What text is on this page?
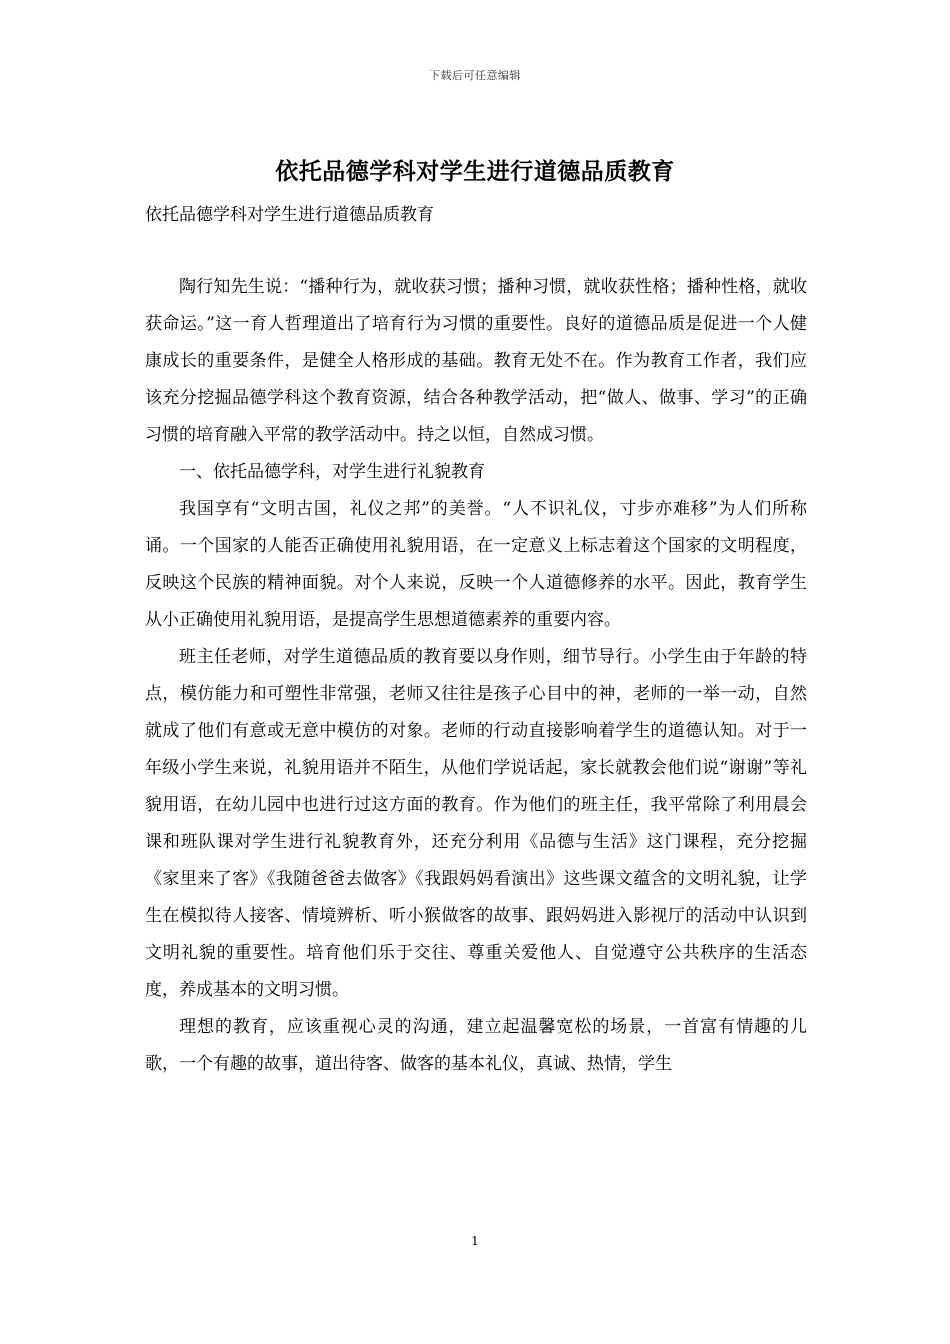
下载后可任意编辑
依托品德学科对学生进行道德品质教育
依托品德学科对学生进行道德品质教育

陶行知先生说：“播种行为，就收获习惯；播种习惯，就收获性格；播种性格，就收获命运。”这一育人哲理道出了培育行为习惯的重要性。良好的道德品质是促进一个人健康成长的重要条件，是健全人格形成的基础。教育无处不在。作为教育工作者，我们应该充分挖掘品德学科这个教育资源，结合各种教学活动，把“做人、做事、学习”的正确习惯的培育融入平常的教学活动中。持之以恒，自然成习惯。

一、依托品德学科，对学生进行礼貌教育

我国享有“文明古国，礼仪之邦”的美誉。“人不识礼仪，寸步亦难移”为人们所称诵。一个国家的人能否正确使用礼貌用语，在一定意义上标志着这个国家的文明程度，反映这个民族的精神面貌。对个人来说，反映一个人道德修养的水平。因此，教育学生从小正确使用礼貌用语，是提高学生思想道德素养的重要内容。

班主任老师，对学生道德品质的教育要以身作则，细节导行。小学生由于年龄的特点，模仿能力和可塑性非常强，老师又往往是孩子心目中的神，老师的一举一动，自然就成了他们有意或无意中模仿的对象。老师的行动直接影响着学生的道德认知。对于一年级小学生来说，礼貌用语并不陌生，从他们学说话起，家长就教会他们说“谢谢”等礼貌用语，在幼儿园中也进行过这方面的教育。作为他们的班主任，我平常除了利用晨会课和班队课对学生进行礼貌教育外，还充分利用《品德与生活》这门课程，充分挖掘《家里来了客》《我随爸爸去做客》《我跟妈妈看演出》这些课文蕴含的文明礼貌，让学生在模拟待人接客、情境辨析、听小猴做客的故事、跟妈妈进入影视厅的活动中认识到文明礼貌的重要性。培育他们乐于交往、尊重关爱他人、自觉遵守公共秩序的生活态度，养成基本的文明习惯。

理想的教育，应该重视心灵的沟通，建立起温馨宽松的场景，一首富有情趣的儿歌，一个有趣的故事，道出待客、做客的基本礼仪，真诚、热情，学生

1
